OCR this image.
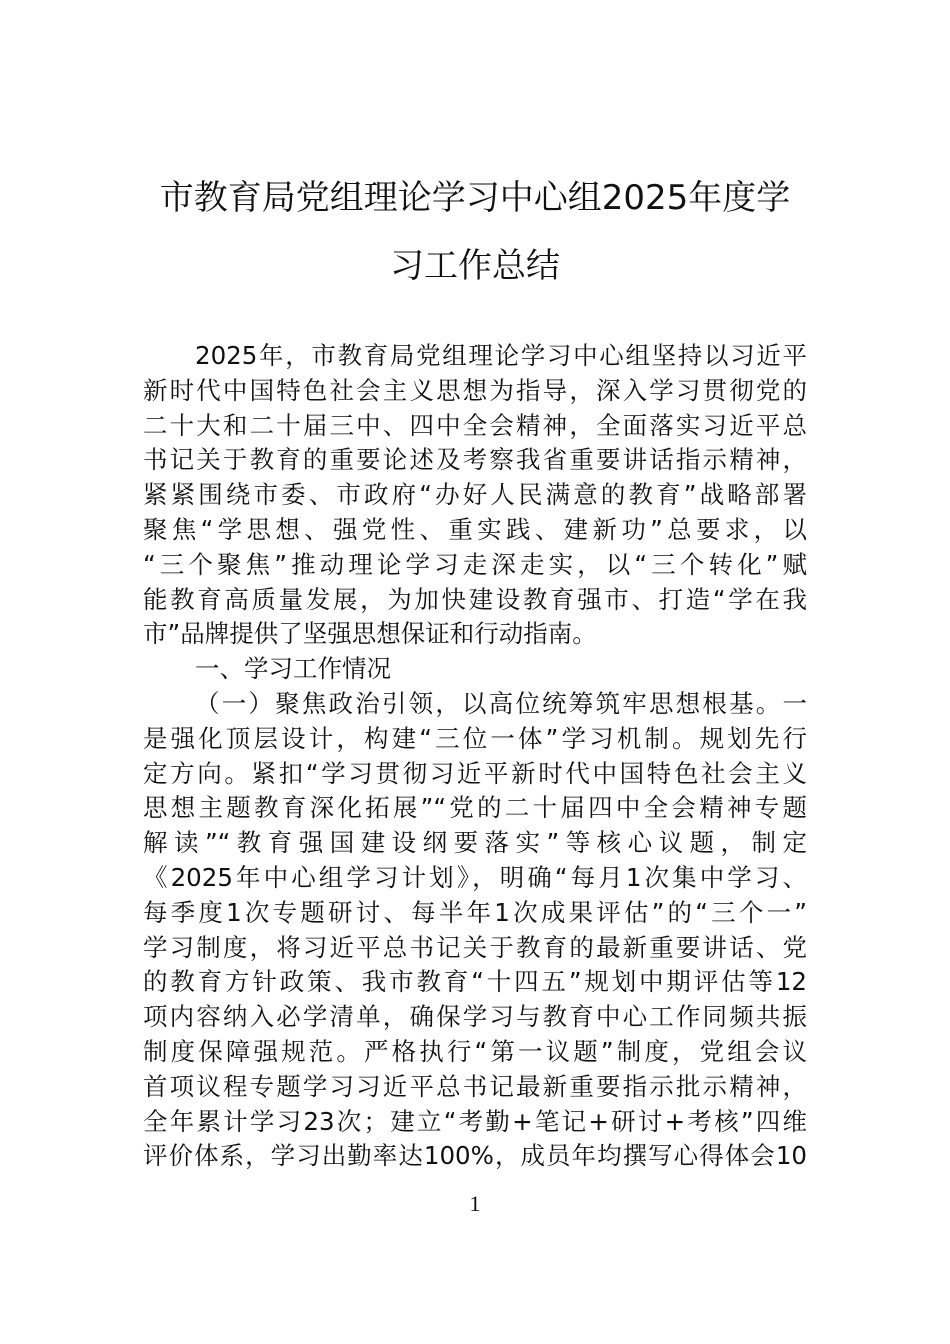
市教育局党组理论学习中心组2025年度学
习工作总结
2025年，市教育局党组理论学习中心组坚持以习近平
新时代中国特色社会主义思想为指导，深入学习贯彻党的
二十大和二十届三中、四中全会精神，全面落实习近平总
书记关于教育的重要论述及考察我省重要讲话指示精神，
紧紧围绕市委、市政府“办好人民满意的教育”战略部署
聚焦“学思想、强党性、重实践、建新功”总要求，以
“三个聚焦”推动理论学习走深走实，以“三个转化”赋
能教育高质量发展，为加快建设教育强市、打造“学在我
市”品牌提供了坚强思想保证和行动指南。
一、学习工作情况
（一）聚焦政治引领，以高位统筹筑牢思想根基。一
是强化顶层设计，构建“三位一体”学习机制。规划先行
定方向。紧扣“学习贯彻习近平新时代中国特色社会主义
思想主题教育深化拓展”“党的二十届四中全会精神专题
解读”“教育强国建设纲要落实”等核心议题，制定
《2025年中心组学习计划》，明确“每月1次集中学习、
每季度1次专题研讨、每半年1次成果评估”的“三个一”
学习制度，将习近平总书记关于教育的最新重要讲话、党
的教育方针政策、我市教育“十四五”规划中期评估等12
项内容纳入必学清单，确保学习与教育中心工作同频共振
制度保障强规范。严格执行“第一议题”制度，党组会议
首项议程专题学习习近平总书记最新重要指示批示精神，
全年累计学习23次；建立“考勤+笔记+研讨+考核”四维
评价体系，学习出勤率达100%，成员年均撰写心得体会10
1
